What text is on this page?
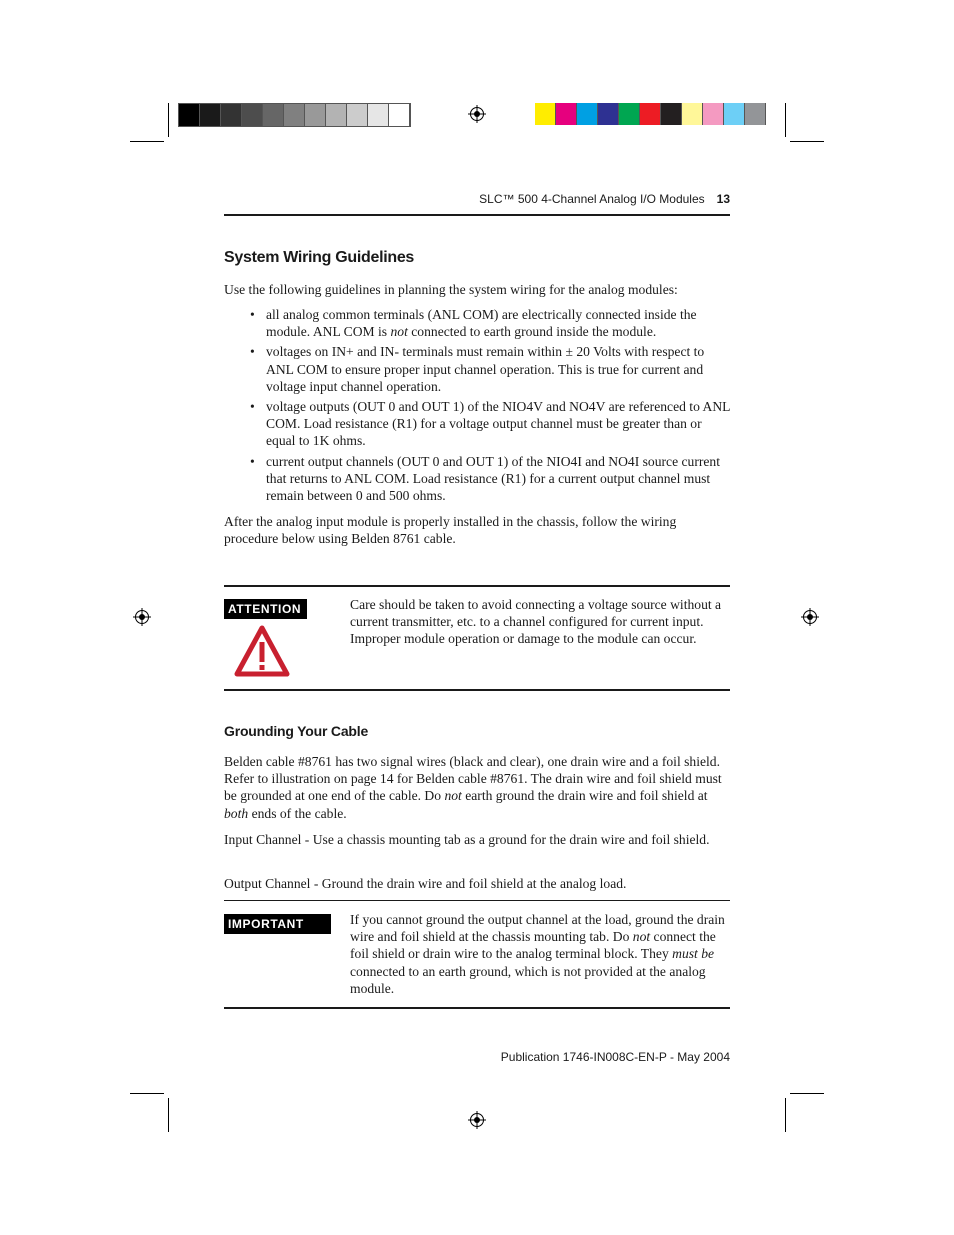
SLC™ 500 4-Channel Analog I/O Modules 13
System Wiring Guidelines

Use the following guidelines in planning the system wiring for the analog modules:

• all analog common terminals (ANL COM) are electrically connected inside the module. ANL COM is not connected to earth ground inside the module.
• voltages on IN+ and IN- terminals must remain within ± 20 Volts with respect to ANL COM to ensure proper input channel operation. This is true for current and voltage input channel operation.
• voltage outputs (OUT 0 and OUT 1) of the NIO4V and NO4V are referenced to ANL COM. Load resistance (R1) for a voltage output channel must be greater than or equal to 1K ohms.
• current output channels (OUT 0 and OUT 1) of the NIO4I and NO4I source current that returns to ANL COM. Load resistance (R1) for a current output channel must remain between 0 and 500 ohms.

After the analog input module is properly installed in the chassis, follow the wiring procedure below using Belden 8761 cable.

ATTENTION	Care should be taken to avoid connecting a voltage source without a current transmitter, etc. to a channel configured for current input. Improper module operation or damage to the module can occur.

Grounding Your Cable

Belden cable #8761 has two signal wires (black and clear), one drain wire and a foil shield. Refer to illustration on page 14 for Belden cable #8761. The drain wire and foil shield must be grounded at one end of the cable. Do not earth ground the drain wire and foil shield at both ends of the cable.

Input Channel - Use a chassis mounting tab as a ground for the drain wire and foil shield.

Output Channel - Ground the drain wire and foil shield at the analog load.

IMPORTANT	If you cannot ground the output channel at the load, ground the drain wire and foil shield at the chassis mounting tab. Do not connect the foil shield or drain wire to the analog terminal block. They must be connected to an earth ground, which is not provided at the analog module.

Publication 1746-IN008C-EN-P - May 2004
